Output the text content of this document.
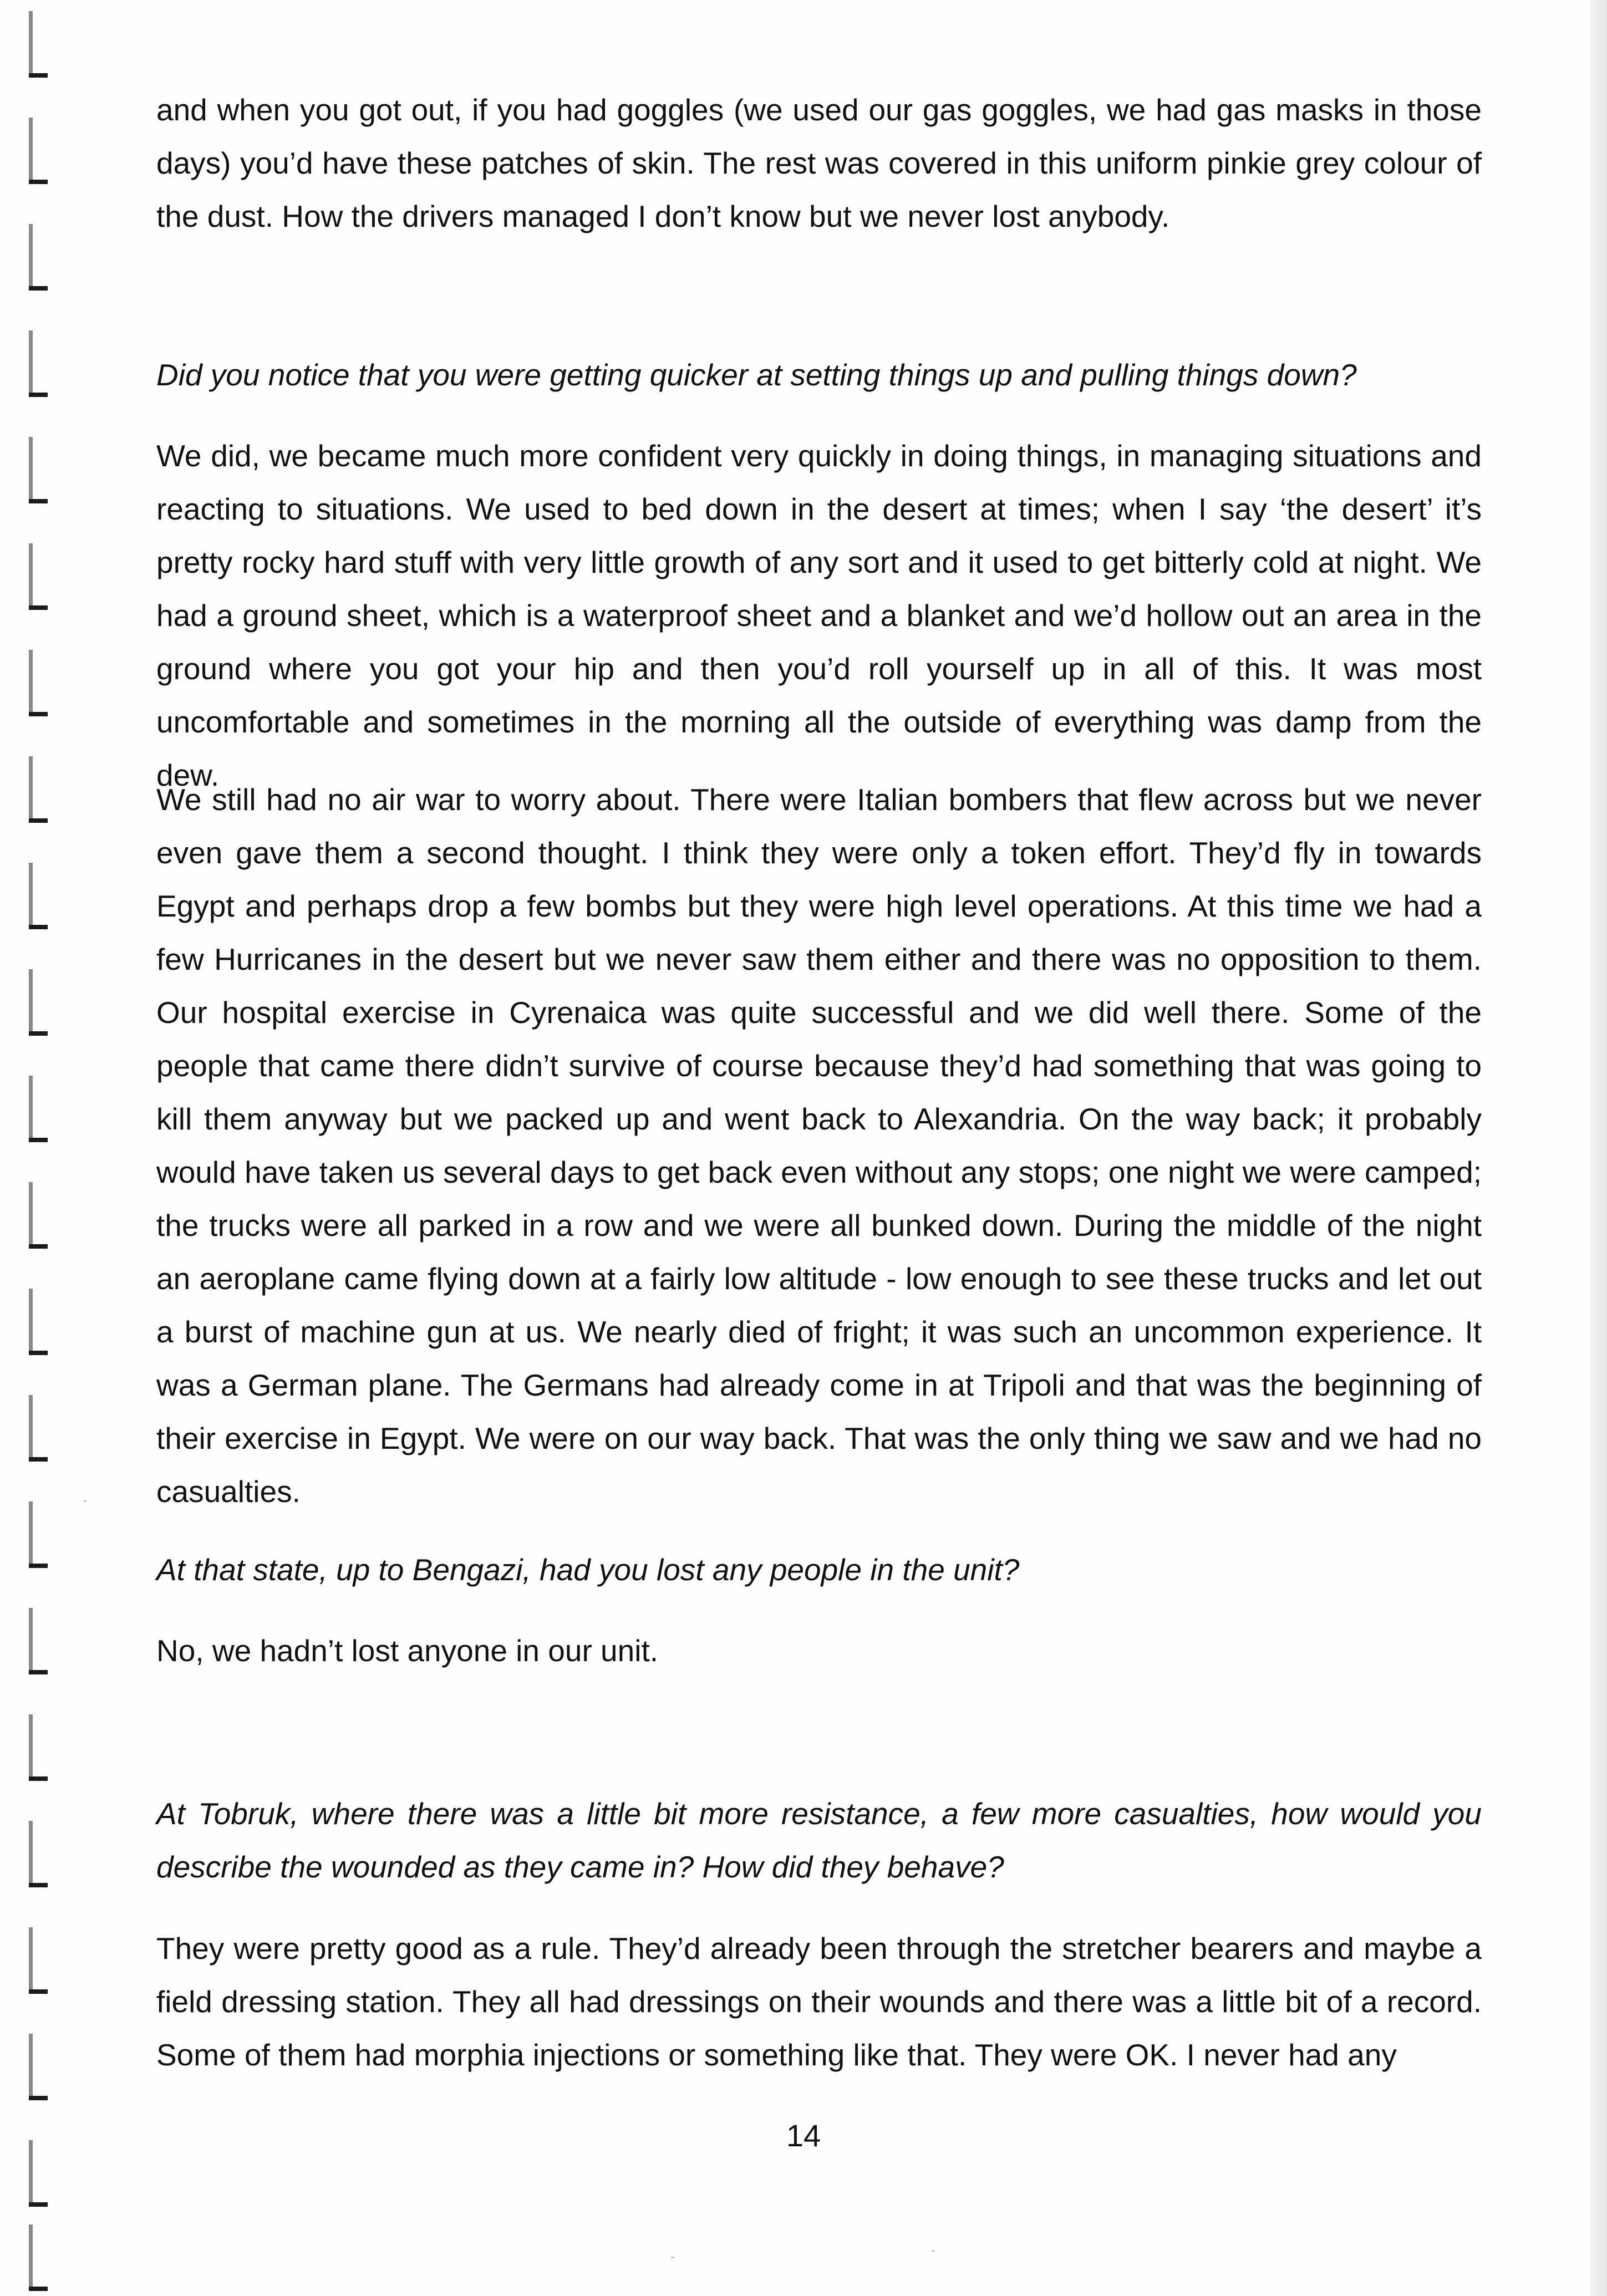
and when you got out, if you had goggles (we used our gas goggles, we had gas masks in those days) you’d have these patches of skin. The rest was covered in this uniform pinkie grey colour of the dust. How the drivers managed I don’t know but we never lost anybody.

Did you notice that you were getting quicker at setting things up and pulling things down?

We did, we became much more confident very quickly in doing things, in managing situations and reacting to situations. We used to bed down in the desert at times; when I say ‘the desert’ it’s pretty rocky hard stuff with very little growth of any sort and it used to get bitterly cold at night. We had a ground sheet, which is a waterproof sheet and a blanket and we’d hollow out an area in the ground where you got your hip and then you’d roll yourself up in all of this. It was most uncomfortable and sometimes in the morning all the outside of everything was damp from the dew.

We still had no air war to worry about. There were Italian bombers that flew across but we never even gave them a second thought. I think they were only a token effort. They’d fly in towards Egypt and perhaps drop a few bombs but they were high level operations. At this time we had a few Hurricanes in the desert but we never saw them either and there was no opposition to them. Our hospital exercise in Cyrenaica was quite successful and we did well there. Some of the people that came there didn’t survive of course because they’d had something that was going to kill them anyway but we packed up and went back to Alexandria. On the way back; it probably would have taken us several days to get back even without any stops; one night we were camped; the trucks were all parked in a row and we were all bunked down. During the middle of the night an aeroplane came flying down at a fairly low altitude - low enough to see these trucks and let out a burst of machine gun at us. We nearly died of fright; it was such an uncommon experience. It was a German plane. The Germans had already come in at Tripoli and that was the beginning of their exercise in Egypt. We were on our way back. That was the only thing we saw and we had no casualties.

At that state, up to Bengazi, had you lost any people in the unit?

No, we hadn’t lost anyone in our unit.

At Tobruk, where there was a little bit more resistance, a few more casualties, how would you describe the wounded as they came in? How did they behave?

They were pretty good as a rule. They’d already been through the stretcher bearers and maybe a field dressing station. They all had dressings on their wounds and there was a little bit of a record. Some of them had morphia injections or something like that. They were OK. I never had any

14
